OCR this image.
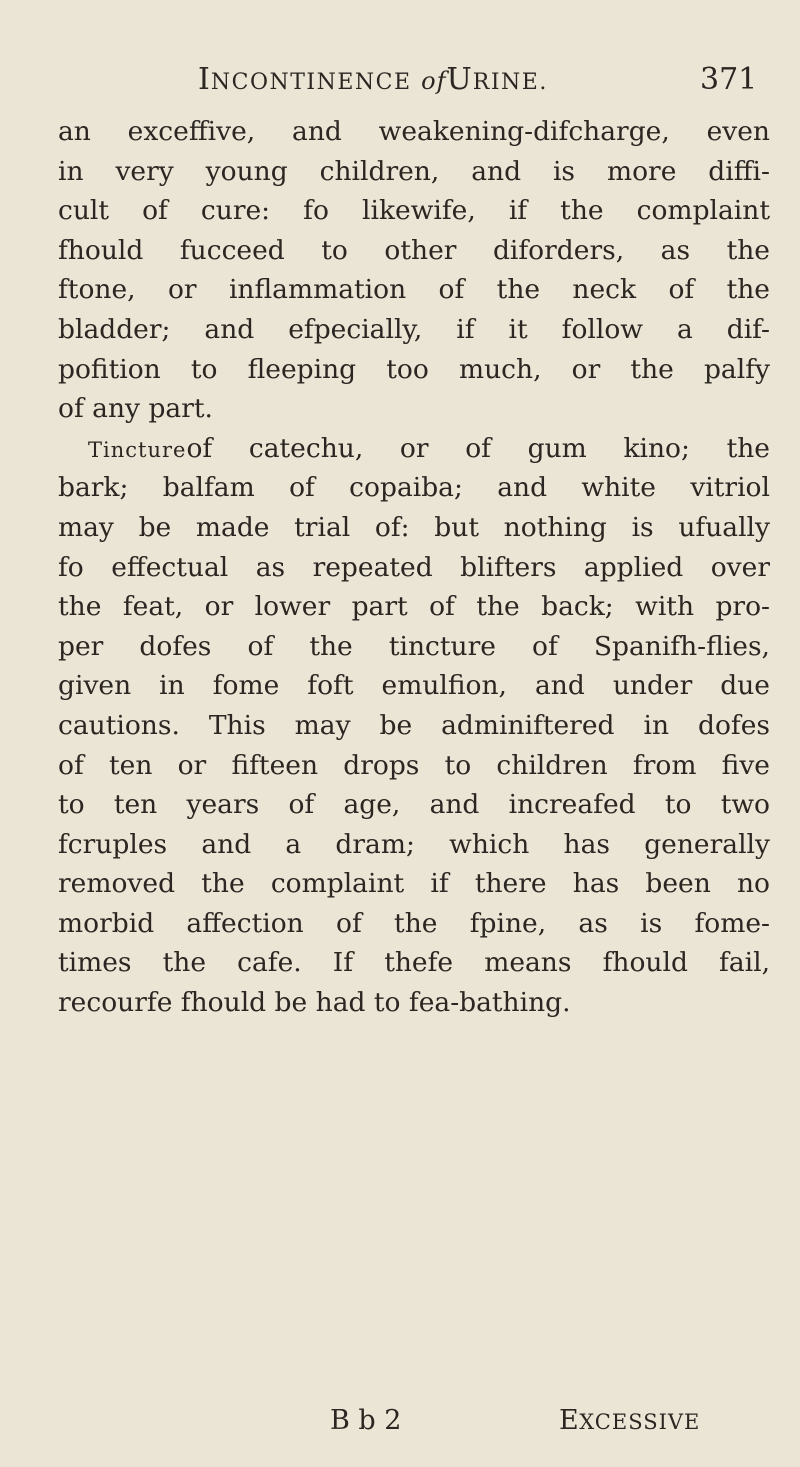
INCONTINENCE ofURINE.	371
an exceffive, and weakening-difcharge, even
in very young children, and is more diffi-
cult of cure: fo likewife, if the complaint
fhould fucceed to other diforders, as the
ftone, or inflammation of the neck of the
bladder; and efpecially, if it follow a dif-
pofition to fleeping too much, or the palfy
of any part.
Tinctureof catechu, or of gum kino; the
bark; balfam of copaiba; and white vitriol
may be made trial of: but nothing is ufually
fo effectual as repeated blifters applied over
the feat, or lower part of the back; with pro-
per dofes of the tincture of Spanifh-flies,
given in fome foft emulfion, and under due
cautions. This may be adminiftered in dofes
of ten or fifteen drops to children from five
to ten years of age, and increafed to two
fcruples and a dram; which has generally
removed the complaint if there has been no
morbid affection of the fpine, as is fome-
times the cafe. If thefe means fhould fail,
recourfe fhould be had to fea-bathing.
B b 2	EXCESSIVE
